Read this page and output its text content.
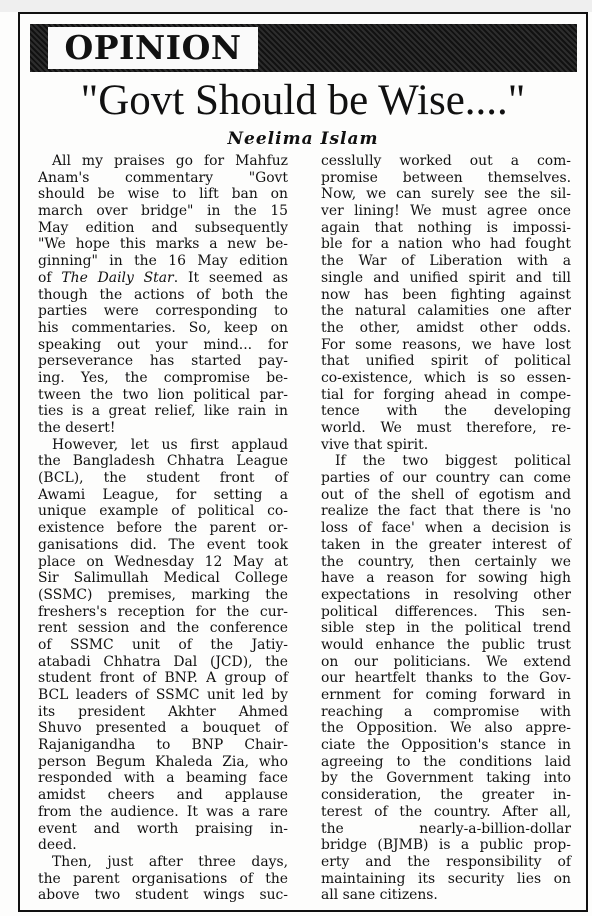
OPINION
"Govt Should be Wise...."
Neelima Islam
All my praises go for Mahfuz
Anam's commentary "Govt
should be wise to lift ban on
march over bridge" in the 15
May edition and subsequently
"We hope this marks a new be-
ginning" in the 16 May edition
of The Daily Star. It seemed as
though the actions of both the
parties were corresponding to
his commentaries. So, keep on
speaking out your mind... for
perseverance has started pay-
ing. Yes, the compromise be-
tween the two lion political par-
ties is a great relief, like rain in
the desert!
However, let us first applaud
the Bangladesh Chhatra League
(BCL), the student front of
Awami League, for setting a
unique example of political co-
existence before the parent or-
ganisations did. The event took
place on Wednesday 12 May at
Sir Salimullah Medical College
(SSMC) premises, marking the
freshers's reception for the cur-
rent session and the conference
of SSMC unit of the Jatiy-
atabadi Chhatra Dal (JCD), the
student front of BNP. A group of
BCL leaders of SSMC unit led by
its president Akhter Ahmed
Shuvo presented a bouquet of
Rajanigandha to BNP Chair-
person Begum Khaleda Zia, who
responded with a beaming face
amidst cheers and applause
from the audience. It was a rare
event and worth praising in-
deed.
Then, just after three days,
the parent organisations of the
above two student wings suc-
cesslully worked out a com-
promise between themselves.
Now, we can surely see the sil-
ver lining! We must agree once
again that nothing is impossi-
ble for a nation who had fought
the War of Liberation with a
single and unified spirit and till
now has been fighting against
the natural calamities one after
the other, amidst other odds.
For some reasons, we have lost
that unified spirit of political
co-existence, which is so essen-
tial for forging ahead in compe-
tence with the developing
world. We must therefore, re-
vive that spirit.
If the two biggest political
parties of our country can come
out of the shell of egotism and
realize the fact that there is 'no
loss of face' when a decision is
taken in the greater interest of
the country, then certainly we
have a reason for sowing high
expectations in resolving other
political differences. This sen-
sible step in the political trend
would enhance the public trust
on our politicians. We extend
our heartfelt thanks to the Gov-
ernment for coming forward in
reaching a compromise with
the Opposition. We also appre-
ciate the Opposition's stance in
agreeing to the conditions laid
by the Government taking into
consideration, the greater in-
terest of the country. After all,
the nearly-a-billion-dollar
bridge (BJMB) is a public prop-
erty and the responsibility of
maintaining its security lies on
all sane citizens.
